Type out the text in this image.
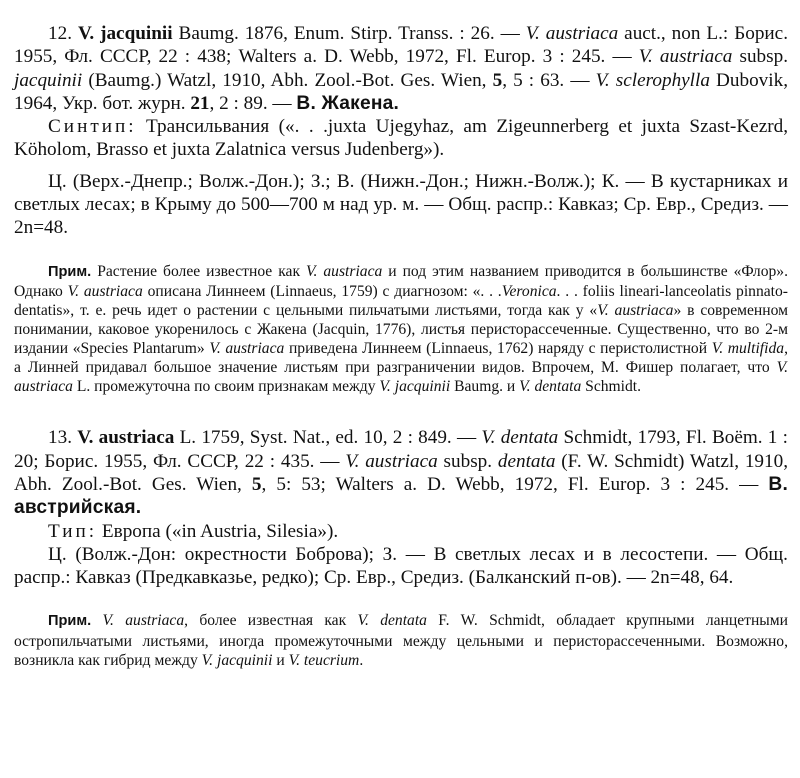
12. V. jacquinii Baumg. 1876, Enum. Stirp. Transs. : 26. — V. austriaca auct., non L.: Борис. 1955, Фл. СССР, 22 : 438; Walters a. D. Webb, 1972, Fl. Europ. 3 : 245. — V. austriaca subsp. jacquinii (Baumg.) Watzl, 1910, Abh. Zool.-Bot. Ges. Wien, 5, 5 : 63. — V. sclerophylla Dubovik, 1964, Укр. бот. журн. 21, 2 : 89. — В. Жакена.

Синтип: Трансильвания («. . .juxta Ujegyhaz, am Zigeunnerberg et juxta Szast-Kezrd, Köholom, Brasso et juxta Zalatnica versus Judenberg»).

Ц. (Верх.-Днепр.; Волж.-Дон.); З.; В. (Нижн.-Дон.; Нижн.-Волж.); К. — В кустарниках и светлых лесах; в Крыму до 500—700 м над ур. м. — Общ. распр.: Кавказ; Ср. Евр., Средиз. — 2n=48.

Прим. Растение более известное как V. austriaca и под этим названием приводится в большинстве «Флор». Однако V. austriaca описана Линнеем (Linnaeus, 1759) с диагнозом: «. . .Veronica. . . foliis lineari-lanceolatis pinnato-dentatis», т. е. речь идет о растении с цельными пильчатыми листьями, тогда как у «V. austriaca» в современном понимании, каковое укоренилось с Жакена (Jacquin, 1776), листья перисторассеченные. Существенно, что во 2-м издании «Species Plantarum» V. austriaca приведена Линнеем (Linnaeus, 1762) наряду с перистолистной V. multifida, а Линней придавал большое значение листьям при разграничении видов. Впрочем, М. Фишер полагает, что V. austriaca L. промежуточна по своим признакам между V. jacquinii Baumg. и V. dentata Schmidt.

13. V. austriaca L. 1759, Syst. Nat., ed. 10, 2 : 849. — V. dentata Schmidt, 1793, Fl. Boëm. 1 : 20; Борис. 1955, Фл. СССР, 22 : 435. — V. austriaca subsp. dentata (F. W. Schmidt) Watzl, 1910, Abh. Zool.-Bot. Ges. Wien, 5, 5: 53; Walters a. D. Webb, 1972, Fl. Europ. 3 : 245. — В. австрийская.

Тип: Европа («in Austria, Silesia»).

Ц. (Волж.-Дон: окрестности Боброва); З. — В светлых лесах и в лесостепи. — Общ. распр.: Кавказ (Предкавказье, редко); Ср. Евр., Средиз. (Балканский п-ов). — 2n=48, 64.

Прим. V. austriaca, более известная как V. dentata F. W. Schmidt, обладает крупными ланцетными остропильчатыми листьями, иногда промежуточными между цельными и перисторассеченными. Возможно, возникла как гибрид между V. jacquinii и V. teucrium.
